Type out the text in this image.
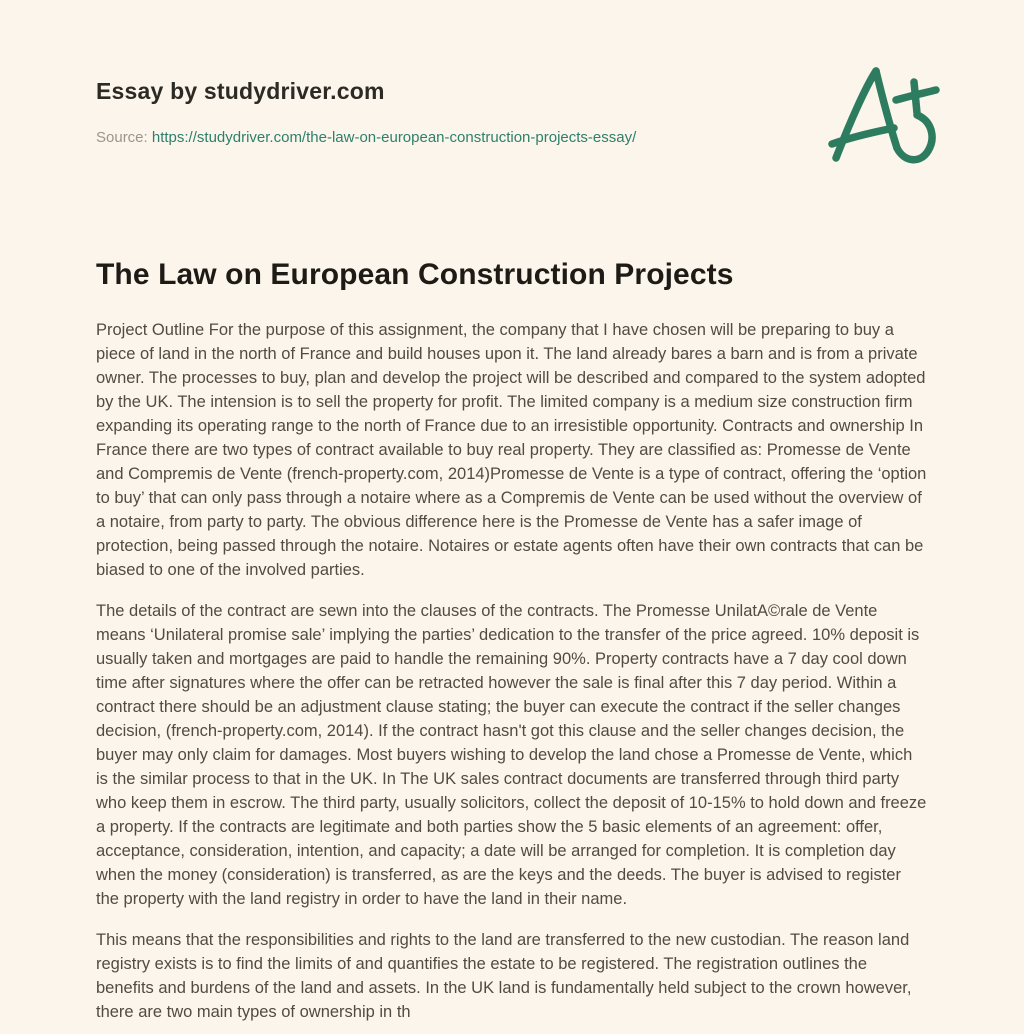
Essay by studydriver.com
Source: https://studydriver.com/the-law-on-european-construction-projects-essay/
The Law on European Construction Projects

Project Outline For the purpose of this assignment, the company that I have chosen will be preparing to buy a piece of land in the north of France and build houses upon it. The land already bares a barn and is from a private owner. The processes to buy, plan and develop the project will be described and compared to the system adopted by the UK. The intension is to sell the property for profit. The limited company is a medium size construction firm expanding its operating range to the north of France due to an irresistible opportunity. Contracts and ownership In France there are two types of contract available to buy real property. They are classified as: Promesse de Vente and Compremis de Vente (french-property.com, 2014)Promesse de Vente is a type of contract, offering the ‘option to buy’ that can only pass through a notaire where as a Compremis de Vente can be used without the overview of a notaire, from party to party. The obvious difference here is the Promesse de Vente has a safer image of protection, being passed through the notaire. Notaires or estate agents often have their own contracts that can be biased to one of the involved parties.

The details of the contract are sewn into the clauses of the contracts. The Promesse UnilatA©rale de Vente means ‘Unilateral promise sale’ implying the parties’ dedication to the transfer of the price agreed. 10% deposit is usually taken and mortgages are paid to handle the remaining 90%. Property contracts have a 7 day cool down time after signatures where the offer can be retracted however the sale is final after this 7 day period. Within a contract there should be an adjustment clause stating; the buyer can execute the contract if the seller changes decision, (french-property.com, 2014). If the contract hasn't got this clause and the seller changes decision, the buyer may only claim for damages. Most buyers wishing to develop the land chose a Promesse de Vente, which is the similar process to that in the UK. In The UK sales contract documents are transferred through third party who keep them in escrow. The third party, usually solicitors, collect the deposit of 10-15% to hold down and freeze a property. If the contracts are legitimate and both parties show the 5 basic elements of an agreement: offer, acceptance, consideration, intention, and capacity; a date will be arranged for completion. It is completion day when the money (consideration) is transferred, as are the keys and the deeds. The buyer is advised to register the property with the land registry in order to have the land in their name.

This means that the responsibilities and rights to the land are transferred to the new custodian. The reason land registry exists is to find the limits of and quantifies the estate to be registered. The registration outlines the benefits and burdens of the land and assets. In the UK land is fundamentally held subject to the crown however, there are two main types of ownership in th
